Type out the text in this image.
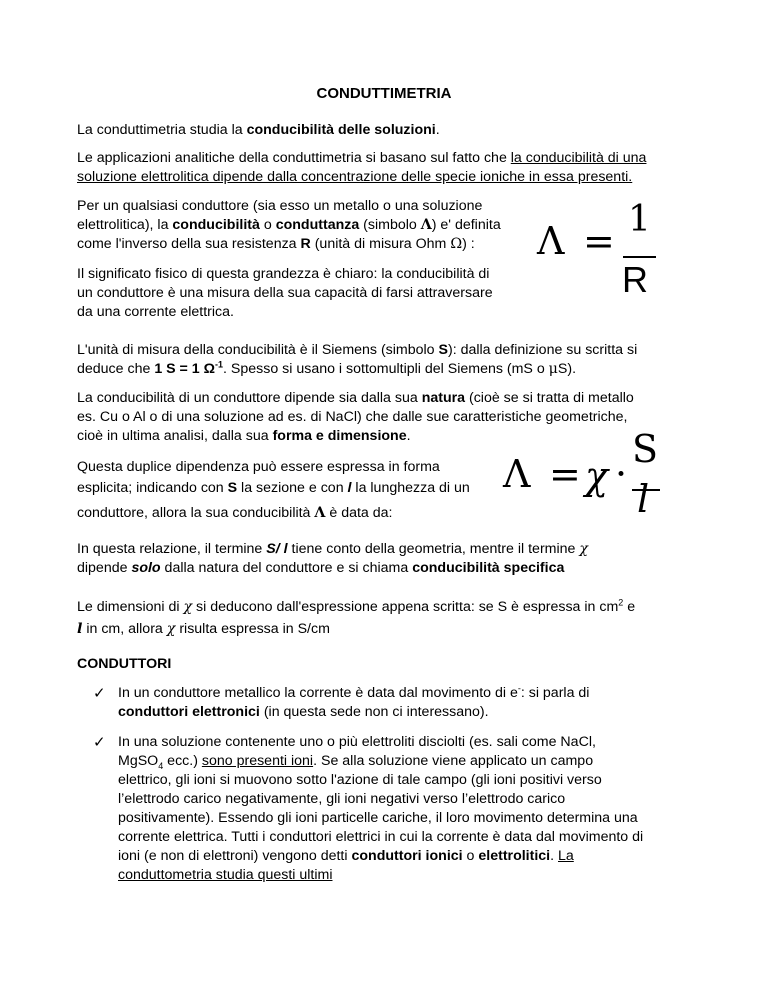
CONDUTTIMETRIA
La conduttimetria studia la conducibilità delle soluzioni.
Le applicazioni analitiche della conduttimetria si basano sul fatto che la conducibilità di una soluzione elettrolitica dipende dalla concentrazione delle specie ioniche in essa presenti.
Per un qualsiasi conduttore (sia esso un metallo o una soluzione
elettrolitica), la conducibilità o conduttanza (simbolo Λ) e' definita
come l'inverso della sua resistenza R (unità di misura Ohm Ω) :
Il significato fisico di questa grandezza è chiaro: la conducibilità di
un conduttore è una misura della sua capacità di farsi attraversare
da una corrente elettrica.
Λ = 1
R
L'unità di misura della conducibilità è il Siemens (simbolo S): dalla definizione su scritta si
deduce che 1 S = 1 $\Omega^{-1}$. Spesso si usano i sottomultipli del Siemens (mS o μS).
La conducibilità di un conduttore dipende sia dalla sua natura (cioè se si tratta di metallo
es. Cu o Al o di una soluzione ad es. di NaCl) che dalle sue caratteristiche geometriche,
cioè in ultima analisi, dalla sua forma e dimensione.
Questa duplice dipendenza può essere espressa in forma
esplicita; indicando con S la sezione e con l la lunghezza di un
conduttore, allora la sua conducibilità Λ è data da:
Λ = χ ·
S
l
In questa relazione, il termine S/ l tiene conto della geometria, mentre il termine χ
dipende solo dalla natura del conduttore e si chiama conducibilità specifica
Le dimensioni di χ si deducono dall'espressione appena scritta: se S è espressa in $cm^2$ e
l in cm, allora χ risulta espressa in S/cm
CONDUTTORI
✓ In un conduttore metallico la corrente è data dal movimento di e-: si parla di
conduttori elettronici (in questa sede non ci interessano).
✓ In una soluzione contenente uno o più elettroliti disciolti (es. sali come NaCl,
MgSO$_4$ ecc.) sono presenti ioni. Se alla soluzione viene applicato un campo
elettrico, gli ioni si muovono sotto l'azione di tale campo (gli ioni positivi verso
l’elettrodo carico negativamente, gli ioni negativi verso l’elettrodo carico
positivamente). Essendo gli ioni particelle cariche, il loro movimento determina una
corrente elettrica. Tutti i conduttori elettrici in cui la corrente è data dal movimento di
ioni (e non di elettroni) vengono detti conduttori ionici o elettrolitici. La
conduttometria studia questi ultimi
